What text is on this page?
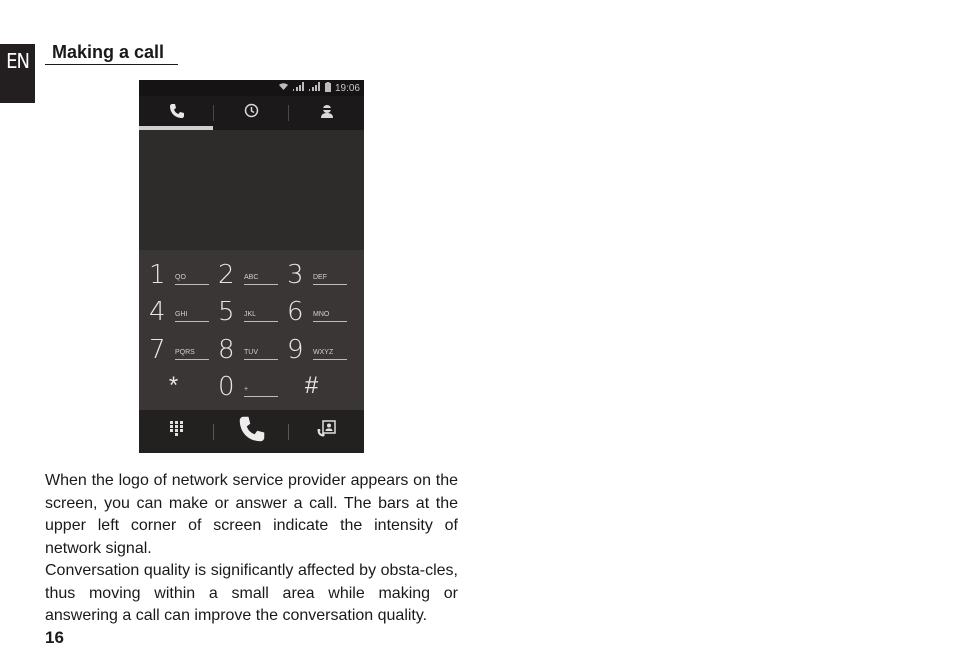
EN	Making a call
19:06
1	QO	2	ABC	3	DEF
4	GHI	5	JKL	6	MNO
7	PQRS 8	TUV	9	WXYZ
*	0	+	#

When the logo of network service provider appears on the screen, you can make or answer a call. The bars at the upper left corner of screen indicate the intensity of network signal.

Conversation quality is significantly affected by obsta-cles, thus moving within a small area while making or answering a call can improve the conversation quality.

16
